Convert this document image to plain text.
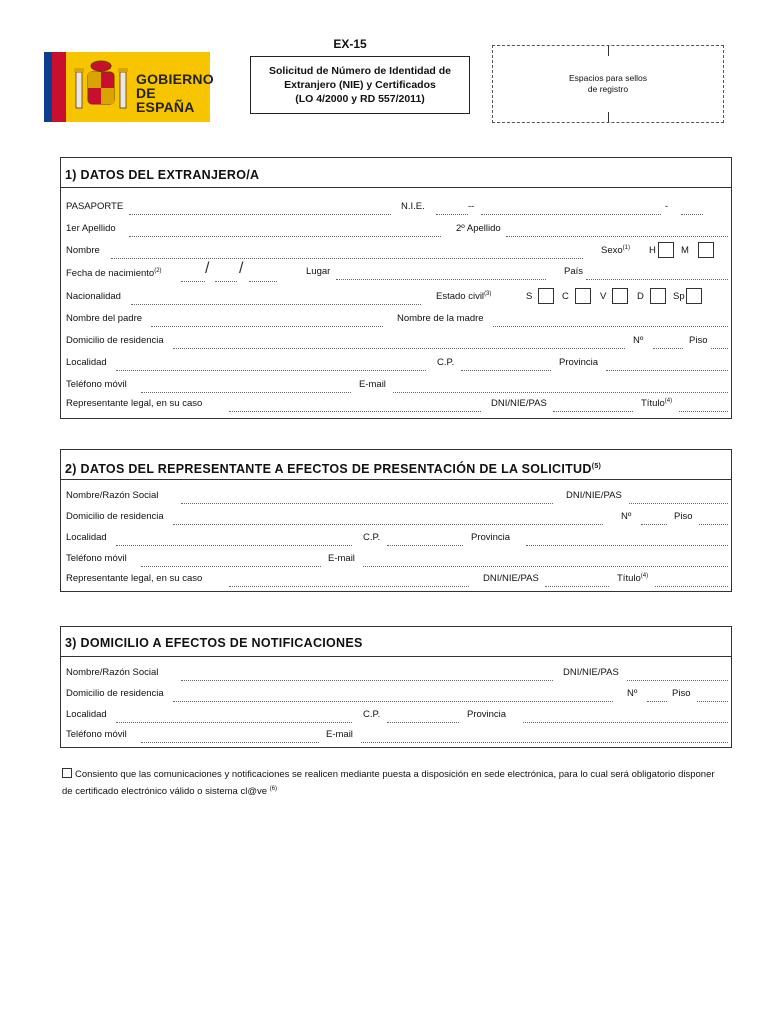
GOBIERNO
DE ESPAÑA
EX-15
Solicitud de Número de Identidad de
Extranjero (NIE) y Certificados
(LO 4/2000 y RD 557/2011)
Espacios para sellos
de registro
1) DATOS DEL EXTRANJERO/A
PASAPORTE	N.I.E.	--	-
1er Apellido	2º Apellido
Nombre	Sexo$^{(1)}$ H	M
Fecha de nacimiento$^{(2)}$	/ /	Lugar	País
Nacionalidad	Estado civil$^{(3)}$	S	C	V	D	Sp
Nombre del padre	Nombre de la madre
Domicilio de residencia	Nº	Piso
Localidad	C.P.	Provincia
Teléfono móvil	E-mail
Representante legal, en su caso	DNI/NIE/PAS	Título$^{(4)}$
2) DATOS DEL REPRESENTANTE A EFECTOS DE PRESENTACIÓN DE LA SOLICITUD$^{(5)}$
Nombre/Razón Social	DNI/NIE/PAS
Domicilio de residencia	Nº	Piso
Localidad	C.P.	Provincia
Teléfono móvil	E-mail
Representante legal, en su caso	DNI/NIE/PAS	Título$^{(4)}$
3) DOMICILIO A EFECTOS DE NOTIFICACIONES
Nombre/Razón Social	DNI/NIE/PAS
Domicilio de residencia	Nº	Piso
Localidad	C.P.	Provincia
Teléfono móvil	E-mail
Consiento que las comunicaciones y notificaciones se realicen mediante puesta a disposición en sede electrónica, para lo cual será obligatorio disponer
de certificado electrónico válido o sistema cl@ve $^{(6)}$
